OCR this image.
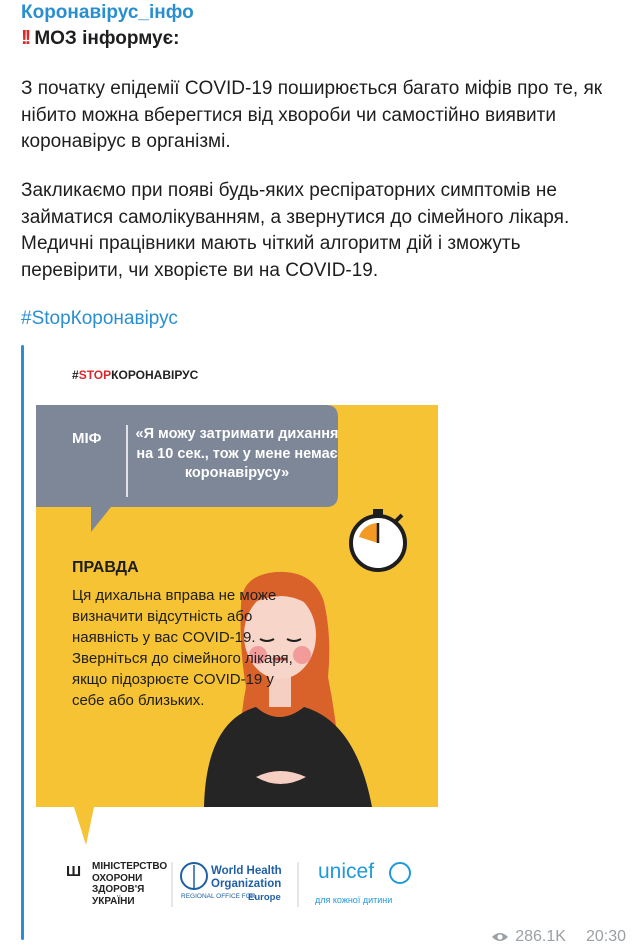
Коронавірус_інфо
!! МОЗ інформує:

З початку епідемії COVID-19 поширюється багато міфів про те, як нібито можна вберегтися від хвороби чи самостійно виявити коронавірус в організмі.

Закликаємо при появі будь-яких респіраторних симптомів не займатися самолікуванням, а звернутися до сімейного лікаря. Медичні працівники мають чіткий алгоритм дій і зможуть перевірити, чи хворієте ви на COVID-19.

#StopКоронавірус
#STOPКОРОНАВІРУС
МІФ «Я можу затримати дихання на 10 сек., тож у мене немає коронавірусу»

ПРАВДА

Ця дихальна вправа не може визначити відсутність або наявність у вас COVID-19. Зверніться до сімейного лікаря, якщо підозрюєте COVID-19 у себе або близьких.

Ш МІНІСТЕРСТВО ОХОРОНИ ЗДОРОВ'Я УКРАЇНИ
World Health Organization
REGIONAL OFFICE FOR
Europe
unicef
для кожної дитини
286.1K 20:30
